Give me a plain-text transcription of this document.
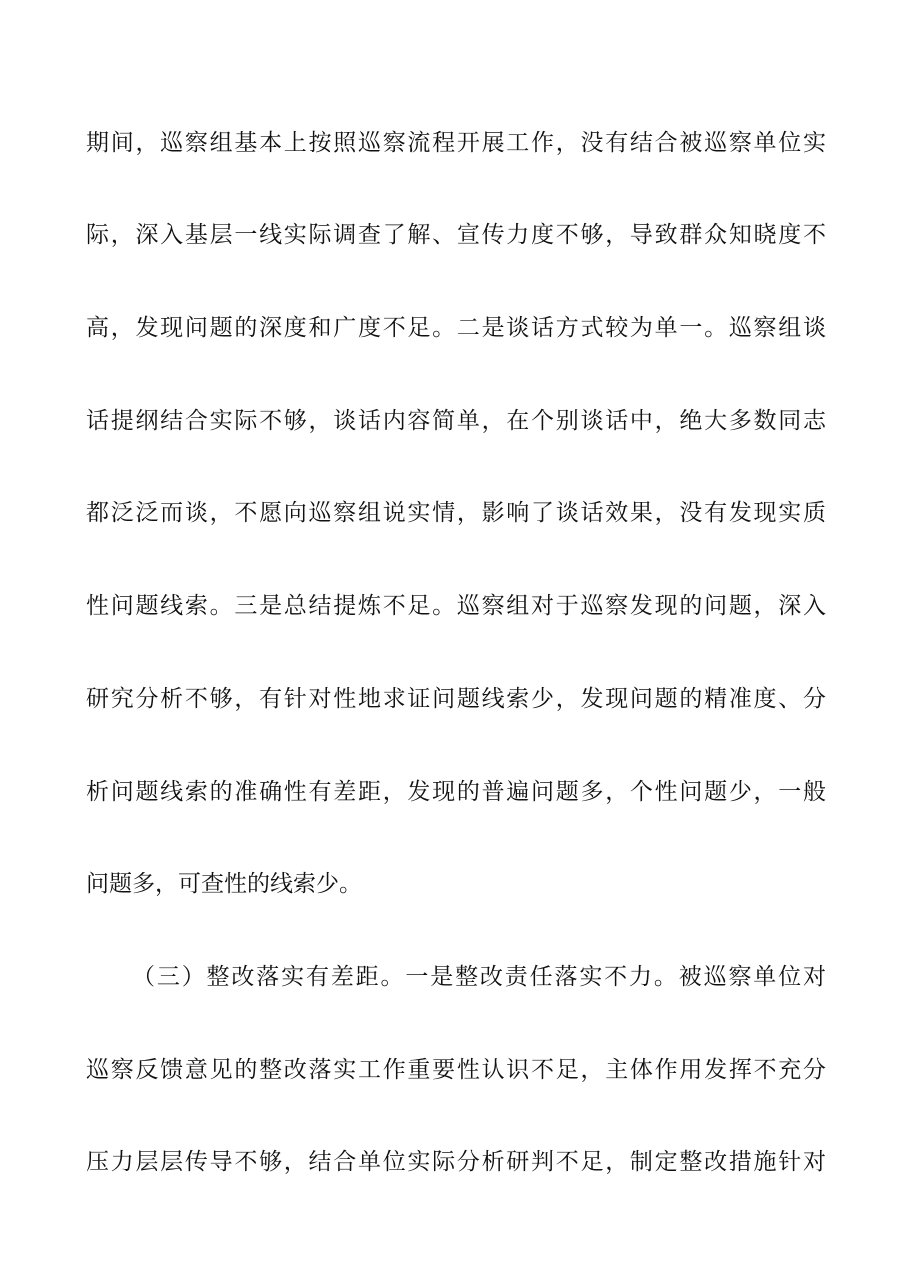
期间，巡察组基本上按照巡察流程开展工作，没有结合被巡察单位实
际，深入基层一线实际调查了解、宣传力度不够，导致群众知晓度不
高，发现问题的深度和广度不足。二是谈话方式较为单一。巡察组谈
话提纲结合实际不够，谈话内容简单，在个别谈话中，绝大多数同志
都泛泛而谈，不愿向巡察组说实情，影响了谈话效果，没有发现实质
性问题线索。三是总结提炼不足。巡察组对于巡察发现的问题，深入
研究分析不够，有针对性地求证问题线索少，发现问题的精准度、分
析问题线索的准确性有差距，发现的普遍问题多，个性问题少，一般
问题多，可查性的线索少。
（三）整改落实有差距。一是整改责任落实不力。被巡察单位对
巡察反馈意见的整改落实工作重要性认识不足，主体作用发挥不充分
压力层层传导不够，结合单位实际分析研判不足，制定整改措施针对
